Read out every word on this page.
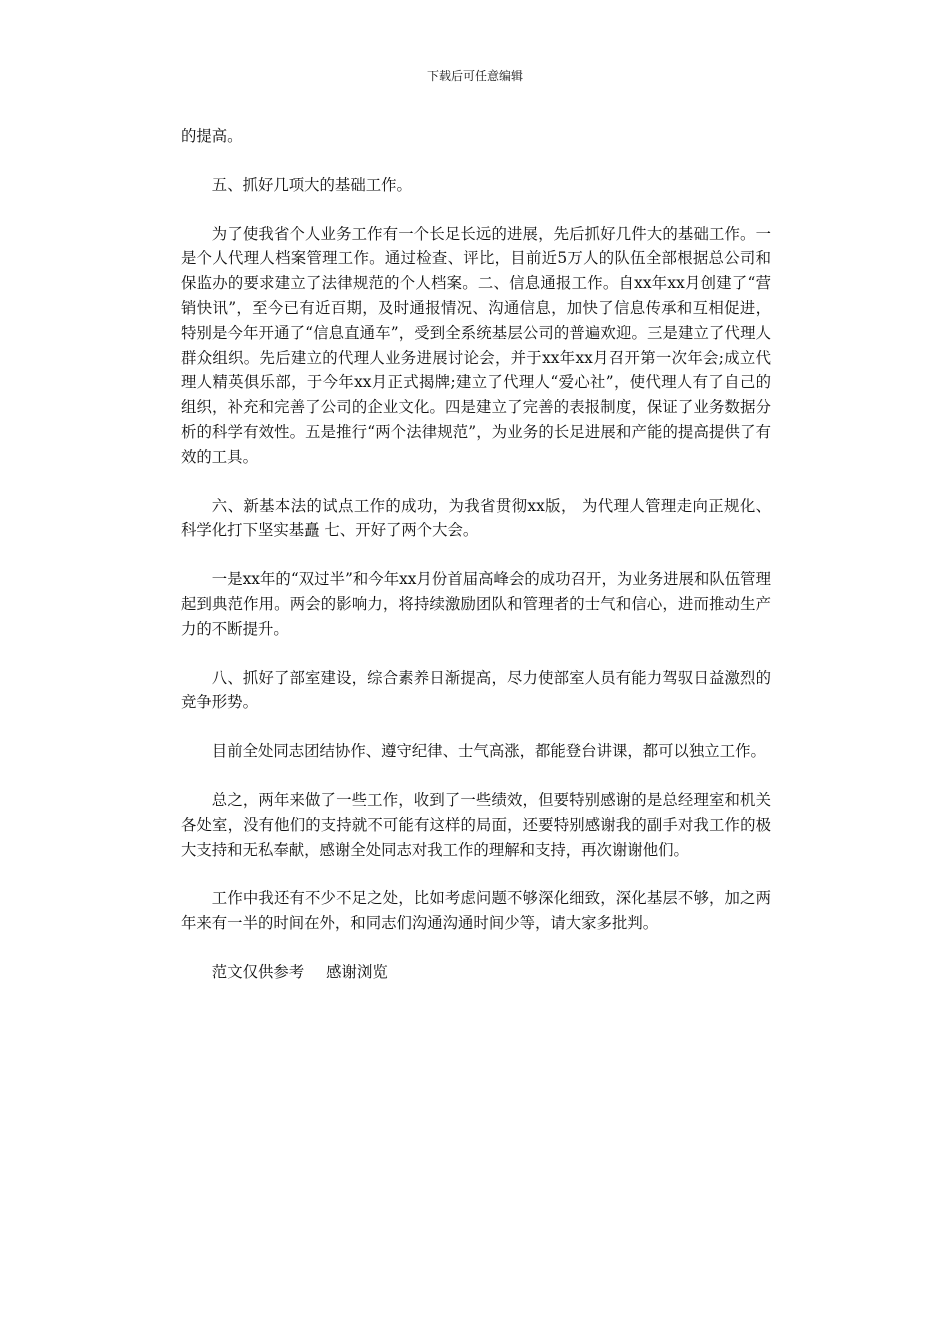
下载后可任意编辑

的提高。

五、抓好几项大的基础工作。

为了使我省个人业务工作有一个长足长远的进展，先后抓好几件大的基础工作。一是个人代理人档案管理工作。通过检查、评比，目前近5万人的队伍全部根据总公司和保监办的要求建立了法律规范的个人档案。二、信息通报工作。自xx年xx月创建了“营销快讯”，至今已有近百期，及时通报情况、沟通信息，加快了信息传承和互相促进，特别是今年开通了“信息直通车”，受到全系统基层公司的普遍欢迎。三是建立了代理人群众组织。先后建立的代理人业务进展讨论会，并于xx年xx月召开第一次年会;成立代理人精英俱乐部，于今年xx月正式揭牌;建立了代理人“爱心社”，使代理人有了自己的组织，补充和完善了公司的企业文化。四是建立了完善的表报制度，保证了业务数据分析的科学有效性。五是推行“两个法律规范”，为业务的长足进展和产能的提高提供了有效的工具。

六、新基本法的试点工作的成功，为我省贯彻xx版， 为代理人管理走向正规化、科学化打下坚实基矗 七、开好了两个大会。

一是xx年的“双过半”和今年xx月份首届高峰会的成功召开，为业务进展和队伍管理起到典范作用。两会的影响力，将持续激励团队和管理者的士气和信心，进而推动生产力的不断提升。

八、抓好了部室建设，综合素养日渐提高，尽力使部室人员有能力驾驭日益激烈的竞争形势。

目前全处同志团结协作、遵守纪律、士气高涨，都能登台讲课，都可以独立工作。

总之，两年来做了一些工作，收到了一些绩效，但要特别感谢的是总经理室和机关各处室，没有他们的支持就不可能有这样的局面，还要特别感谢我的副手对我工作的极大支持和无私奉献，感谢全处同志对我工作的理解和支持，再次谢谢他们。

工作中我还有不少不足之处，比如考虑问题不够深化细致，深化基层不够，加之两年来有一半的时间在外，和同志们沟通沟通时间少等，请大家多批判。

范文仅供参考 感谢浏览
